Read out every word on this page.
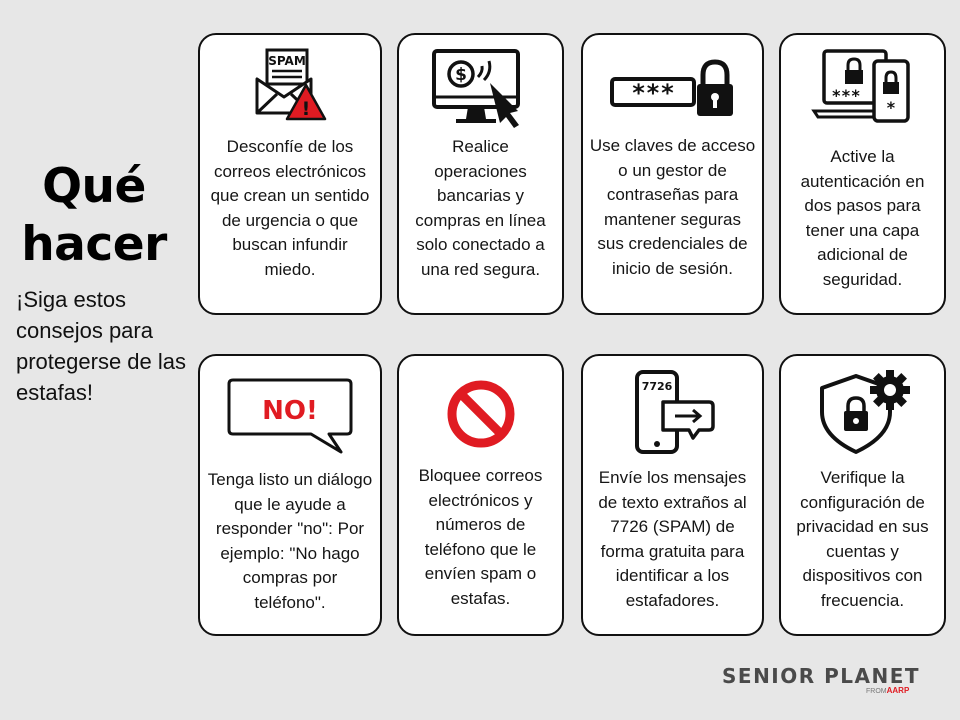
Qué
hacer
¡Siga estos consejos para protegerse de las estafas!
SPAM
!
Desconfíe de los correos electrónicos que crean un sentido de urgencia o que buscan infundir miedo.
$
Realice operaciones bancarias y compras en línea solo conectado a una red segura.
***
Use claves de acceso o un gestor de contraseñas para mantener seguras sus credenciales de inicio de sesión.
***
*
Active la autenticación en dos pasos para tener una capa adicional de seguridad.
NO!
Tenga listo un diálogo que le ayude a responder "no": Por ejemplo: "No hago compras por teléfono".
Bloquee correos electrónicos y números de teléfono que le envíen spam o estafas.
7726
Envíe los mensajes de texto extraños al 7726 (SPAM) de forma gratuita para identificar a los estafadores.
Verifique la configuración de privacidad en sus cuentas y dispositivos con frecuencia.
SENIOR PLANET
FROMAARP
